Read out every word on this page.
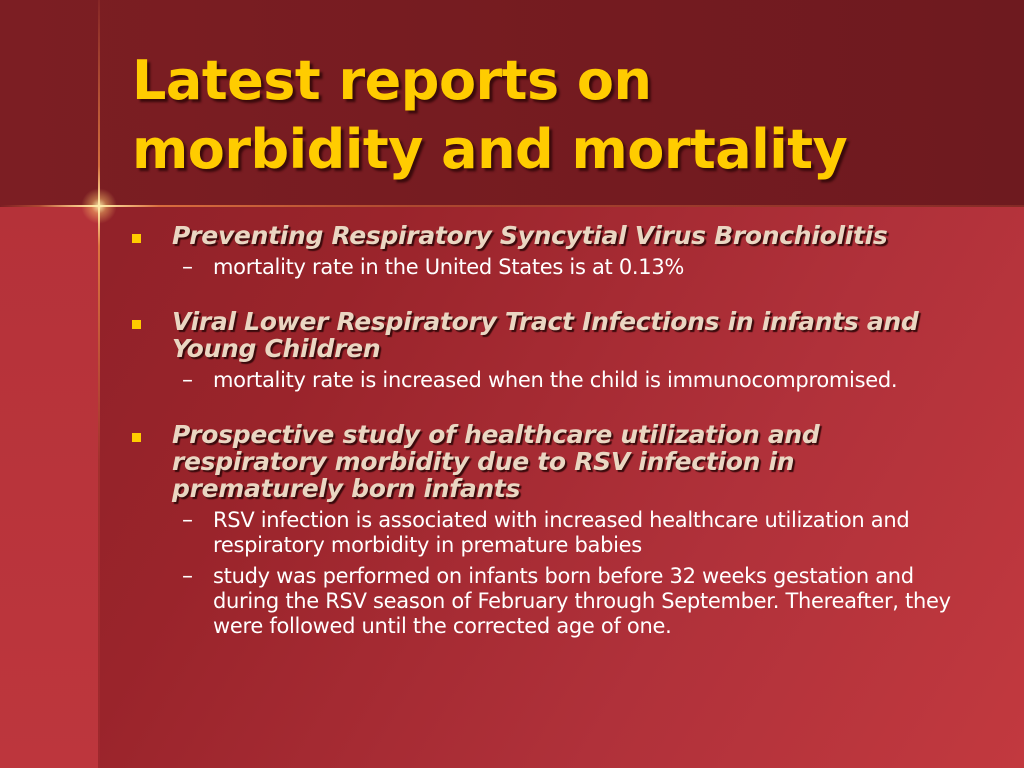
Latest reports on
morbidity and mortality
Preventing Respiratory Syncytial Virus Bronchiolitis
– mortality rate in the United States is at 0.13%
Viral Lower Respiratory Tract Infections in infants and Young Children
– mortality rate is increased when the child is immunocompromised.
Prospective study of healthcare utilization and respiratory morbidity due to RSV infection in prematurely born infants
– RSV infection is associated with increased healthcare utilization and respiratory morbidity in premature babies
– study was performed on infants born before 32 weeks gestation and during the RSV season of February through September. Thereafter, they were followed until the corrected age of one.
